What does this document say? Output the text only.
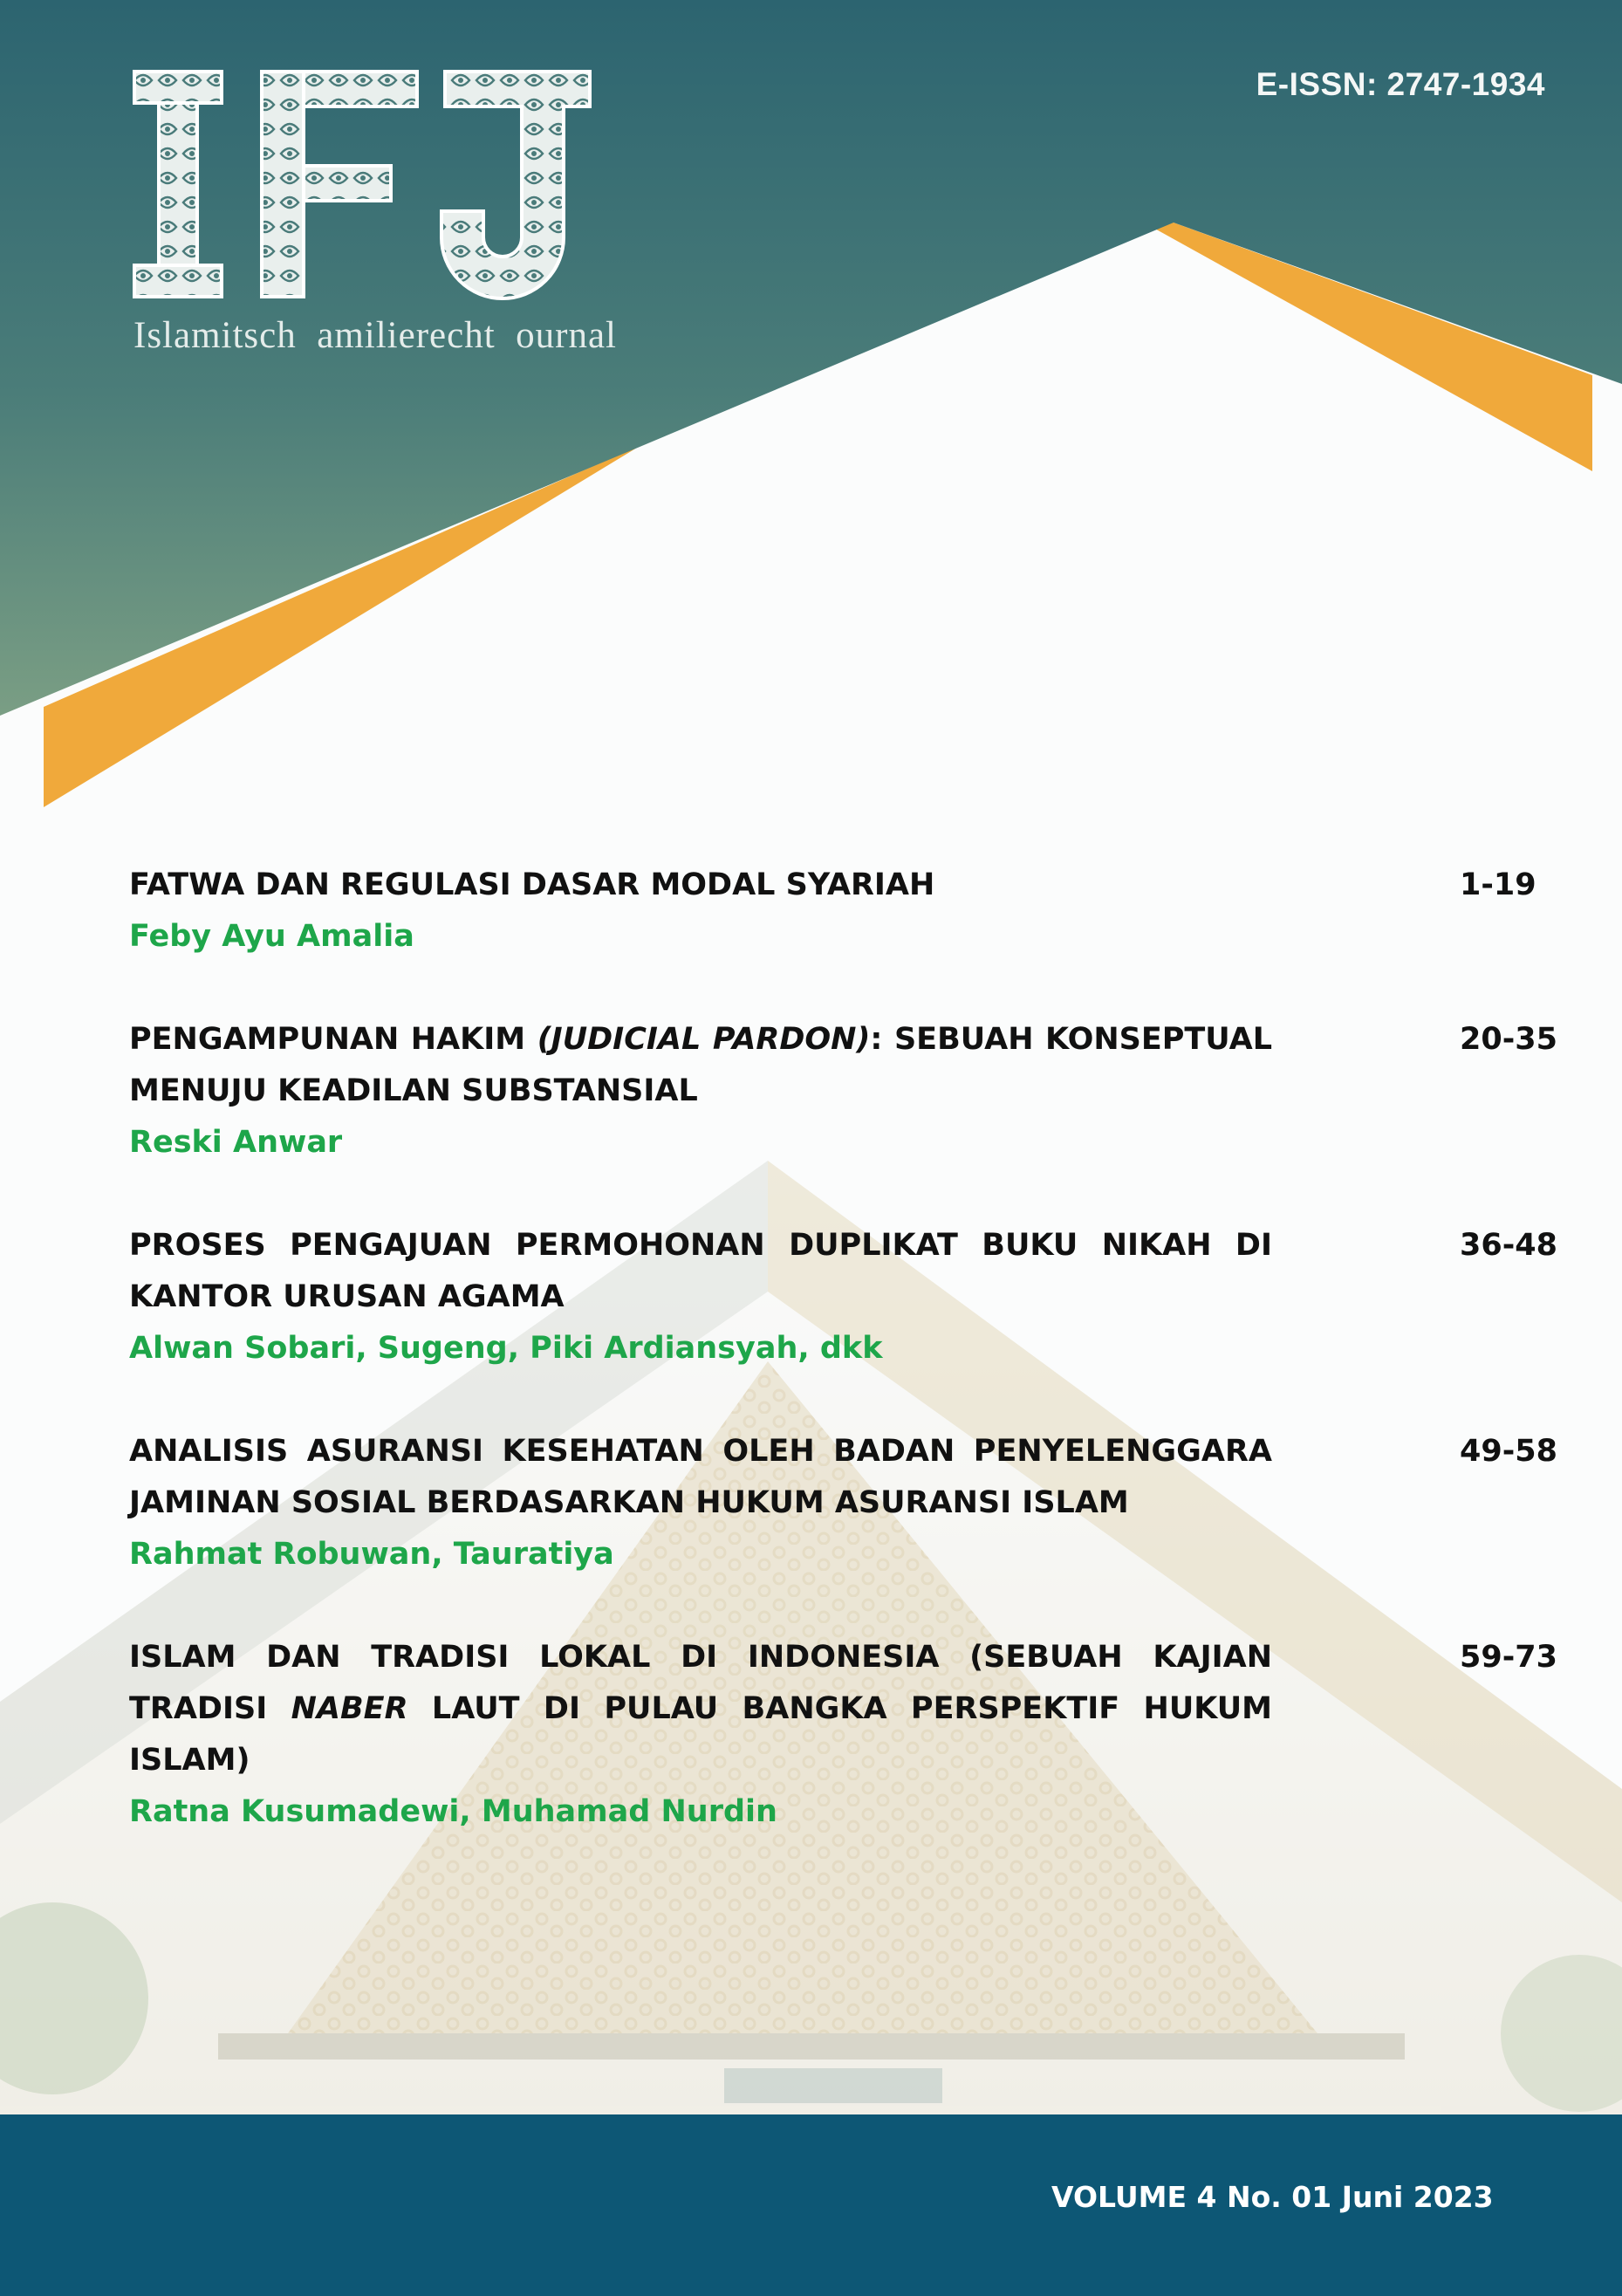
Islamitsch  amilierecht  ournal
E-ISSN: 2747-1934
FATWA DAN REGULASI DASAR MODAL SYARIAH
Feby Ayu Amalia
1-19
PENGAMPUNAN HAKIM (JUDICIAL PARDON): SEBUAH KONSEPTUAL MENUJU KEADILAN SUBSTANSIAL
Reski Anwar
20-35
PROSES PENGAJUAN PERMOHONAN DUPLIKAT BUKU NIKAH DI KANTOR URUSAN AGAMA
Alwan Sobari, Sugeng, Piki Ardiansyah, dkk
36-48
ANALISIS ASURANSI KESEHATAN OLEH BADAN PENYELENGGARA JAMINAN SOSIAL BERDASARKAN HUKUM ASURANSI ISLAM
Rahmat Robuwan, Tauratiya
49-58
ISLAM DAN TRADISI LOKAL DI INDONESIA (SEBUAH KAJIAN TRADISI NABER LAUT DI PULAU BANGKA PERSPEKTIF HUKUM ISLAM)
Ratna Kusumadewi, Muhamad Nurdin
59-73
VOLUME 4 No. 01 Juni 2023
